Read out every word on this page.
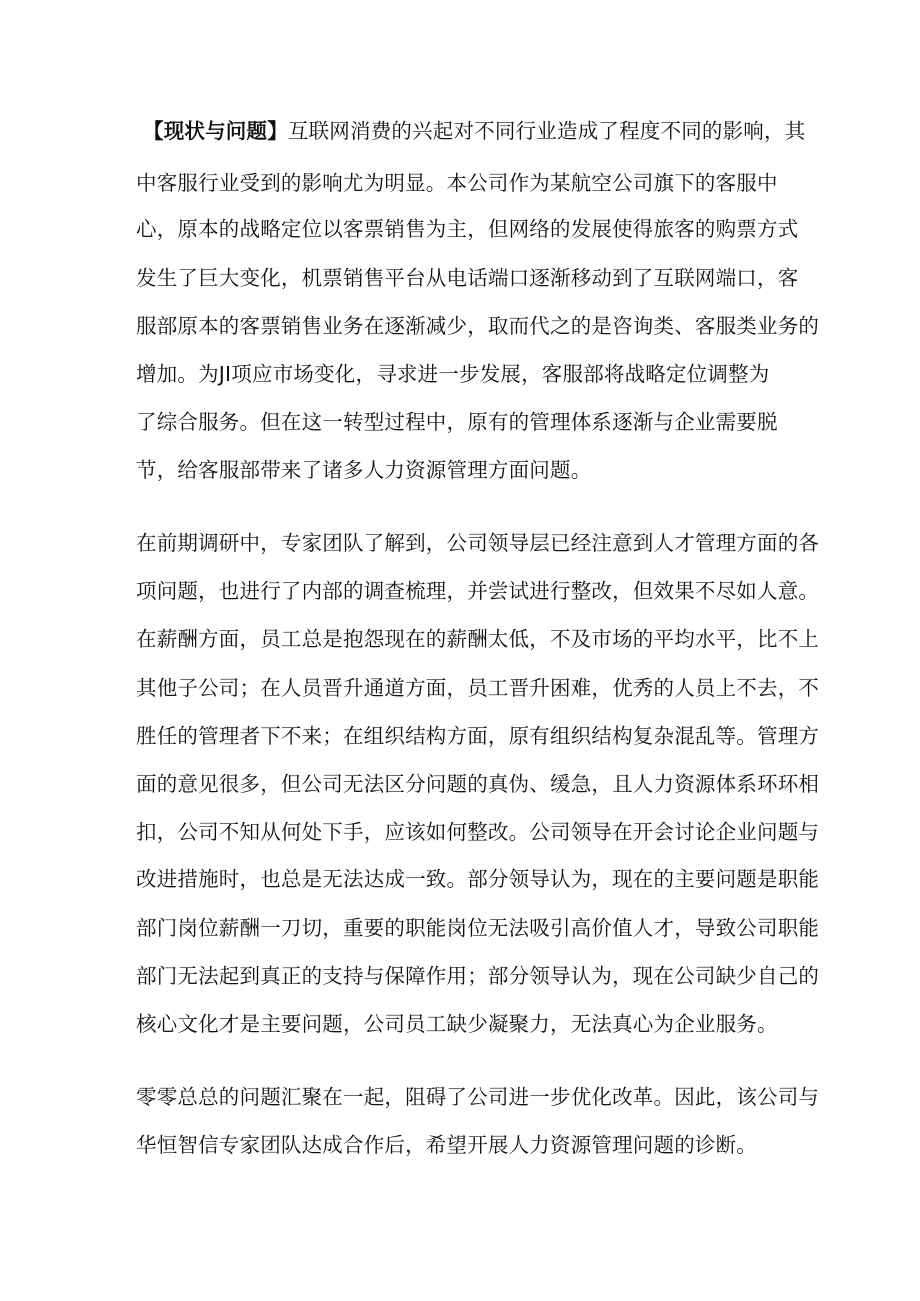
【现状与问题】互联网消费的兴起对不同行业造成了程度不同的影响，其
中客服行业受到的影响尤为明显。本公司作为某航空公司旗下的客服中
心，原本的战略定位以客票销售为主，但网络的发展使得旅客的购票方式
发生了巨大变化，机票销售平台从电话端口逐渐移动到了互联网端口，客
服部原本的客票销售业务在逐渐减少，取而代之的是咨询类、客服类业务的
增加。为JI项应市场变化，寻求进一步发展，客服部将战略定位调整为
了综合服务。但在这一转型过程中，原有的管理体系逐渐与企业需要脱
节，给客服部带来了诸多人力资源管理方面问题。
在前期调研中，专家团队了解到，公司领导层已经注意到人才管理方面的各
项问题，也进行了内部的调查梳理，并尝试进行整改，但效果不尽如人意。
在薪酬方面，员工总是抱怨现在的薪酬太低，不及市场的平均水平，比不上
其他子公司；在人员晋升通道方面，员工晋升困难，优秀的人员上不去，不
胜任的管理者下不来；在组织结构方面，原有组织结构复杂混乱等。管理方
面的意见很多，但公司无法区分问题的真伪、缓急，且人力资源体系环环相
扣，公司不知从何处下手，应该如何整改。公司领导在开会讨论企业问题与
改进措施时，也总是无法达成一致。部分领导认为，现在的主要问题是职能
部门岗位薪酬一刀切，重要的职能岗位无法吸引高价值人才，导致公司职能
部门无法起到真正的支持与保障作用；部分领导认为，现在公司缺少自己的
核心文化才是主要问题，公司员工缺少凝聚力，无法真心为企业服务。
零零总总的问题汇聚在一起，阻碍了公司进一步优化改革。因此，该公司与
华恒智信专家团队达成合作后，希望开展人力资源管理问题的诊断。
